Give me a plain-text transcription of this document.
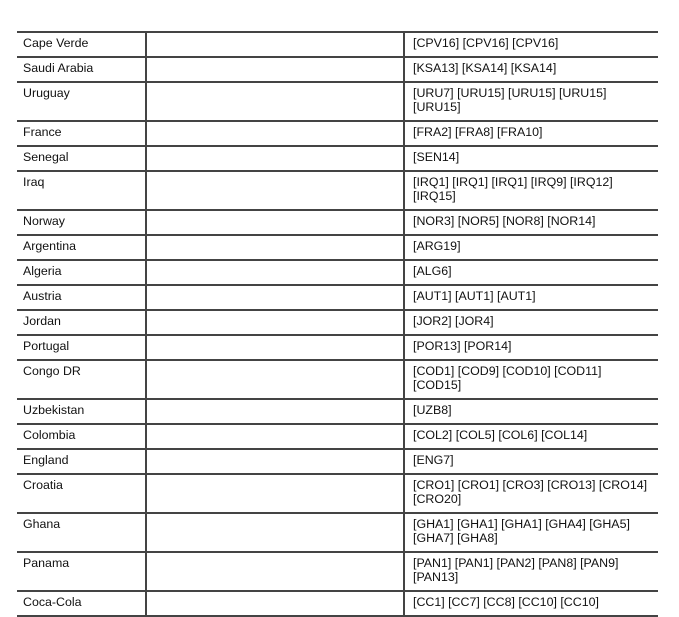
Cape Verde		[CPV16] [CPV16] [CPV16]
Saudi Arabia		[KSA13] [KSA14] [KSA14]
Uruguay		[URU7] [URU15] [URU15] [URU15] [URU15]
France		[FRA2] [FRA8] [FRA10]
Senegal		[SEN14]
Iraq		[IRQ1] [IRQ1] [IRQ1] [IRQ9] [IRQ12] [IRQ15]
Norway		[NOR3] [NOR5] [NOR8] [NOR14]
Argentina		[ARG19]
Algeria		[ALG6]
Austria		[AUT1] [AUT1] [AUT1]
Jordan		[JOR2] [JOR4]
Portugal		[POR13] [POR14]
Congo DR		[COD1] [COD9] [COD10] [COD11] [COD15]
Uzbekistan		[UZB8]
Colombia		[COL2] [COL5] [COL6] [COL14]
England		[ENG7]
Croatia		[CRO1] [CRO1] [CRO3] [CRO13] [CRO14] [CRO20]
Ghana		[GHA1] [GHA1] [GHA1] [GHA4] [GHA5] [GHA7] [GHA8]
Panama		[PAN1] [PAN1] [PAN2] [PAN8] [PAN9] [PAN13]
Coca-Cola		[CC1] [CC7] [CC8] [CC10] [CC10]
